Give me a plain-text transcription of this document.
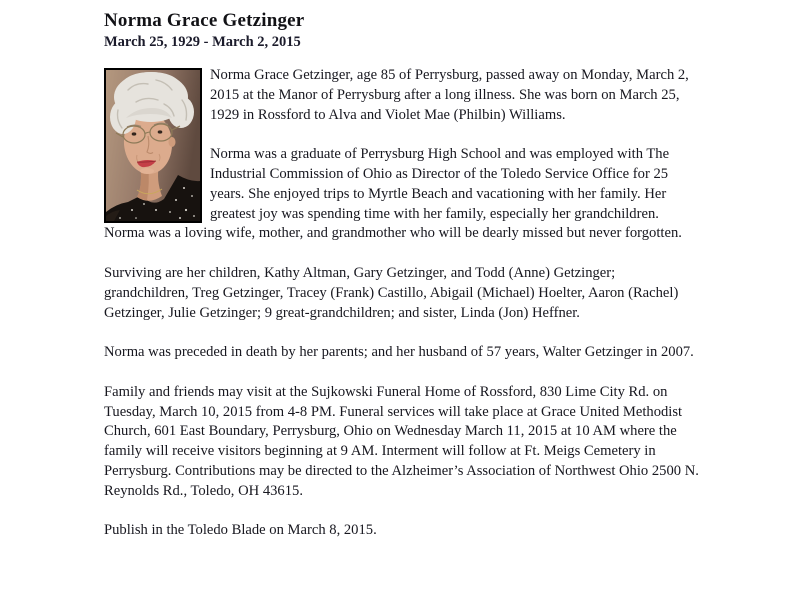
Norma Grace Getzinger
March 25, 1929 - March 2, 2015

Norma Grace Getzinger, age 85 of Perrysburg, passed away on Monday, March 2, 2015 at the Manor of Perrysburg after a long illness. She was born on March 25, 1929 in Rossford to Alva and Violet Mae (Philbin) Williams.

Norma was a graduate of Perrysburg High School and was employed with The Industrial Commission of Ohio as Director of the Toledo Service Office for 25 years. She enjoyed trips to Myrtle Beach and vacationing with her family. Her greatest joy was spending time with her family, especially her grandchildren. Norma was a loving wife, mother, and grandmother who will be dearly missed but never forgotten.

Surviving are her children, Kathy Altman, Gary Getzinger, and Todd (Anne) Getzinger; grandchildren, Treg Getzinger, Tracey (Frank) Castillo, Abigail (Michael) Hoelter, Aaron (Rachel) Getzinger, Julie Getzinger; 9 great-grandchildren; and sister, Linda (Jon) Heffner.

Norma was preceded in death by her parents; and her husband of 57 years, Walter Getzinger in 2007.

Family and friends may visit at the Sujkowski Funeral Home of Rossford, 830 Lime City Rd. on Tuesday, March 10, 2015 from 4-8 PM. Funeral services will take place at Grace United Methodist Church, 601 East Boundary, Perrysburg, Ohio on Wednesday March 11, 2015 at 10 AM where the family will receive visitors beginning at 9 AM. Interment will follow at Ft. Meigs Cemetery in Perrysburg. Contributions may be directed to the Alzheimer’s Association of Northwest Ohio 2500 N. Reynolds Rd., Toledo, OH 43615.

Publish in the Toledo Blade on March 8, 2015.
